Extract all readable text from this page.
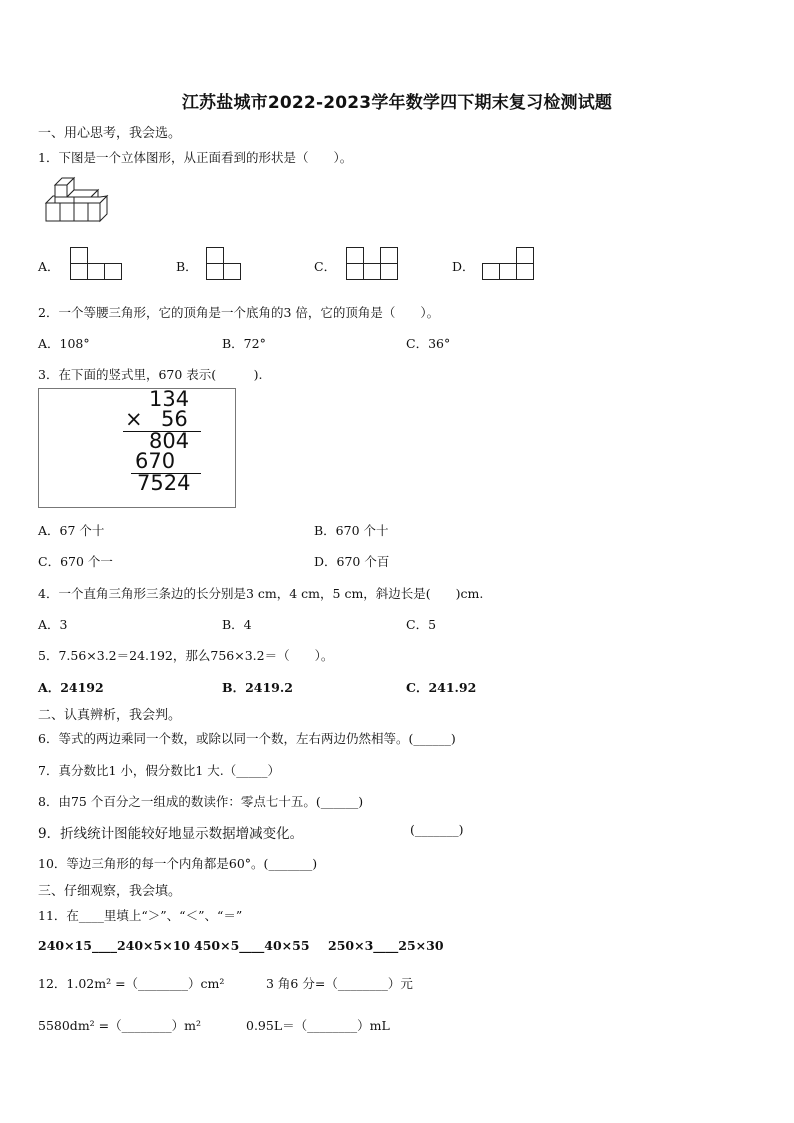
江苏盐城市2022-2023学年数学四下期末复习检测试题
一、用心思考，我会选。
1．下图是一个立体图形，从正面看到的形状是（　　）。
A．	B．	C．	D．
2．一个等腰三角形，它的顶角是一个底角的3 倍，它的顶角是（　　）。
A．108°	B．72°	C．36°
3．在下面的竖式里，670 表示(　　　).
134
× 56
804
670
7524
A．67 个十	B．670 个十
C．670 个一	D．670 个百
4．一个直角三角形三条边的长分别是3 cm，4 cm，5 cm，斜边长是(　　)cm.
A．3	B．4	C．5
5．7.56×3.2＝24.192，那么756×3.2＝（　　）。
A．24192	B．2419.2	C．241.92
二、认真辨析，我会判。
6．等式的两边乘同一个数，或除以同一个数，左右两边仍然相等。(______)
7．真分数比1 小，假分数比1 大.（_____）
8．由75 个百分之一组成的数读作：零点七十五。(______)
9．折线统计图能较好地显示数据增减变化。	(_______)
10．等边三角形的每一个内角都是60°。(_______)
三、仔细观察，我会填。
11．在____里填上“＞”、“＜”、“＝”
240×15____240×5×10 450×5____40×55 250×3____25×30
12．1.02m² =（________）cm²	3 角6 分=（________）元
5580dm² =（________）m²	0.95L＝（________）mL
